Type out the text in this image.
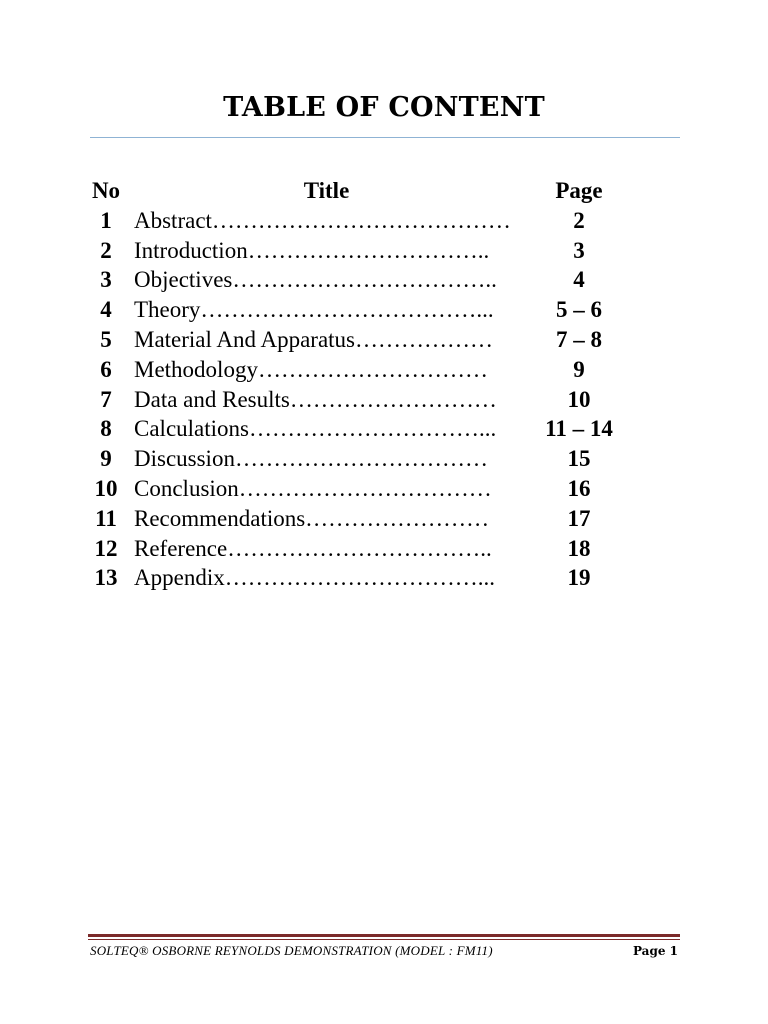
TABLE OF CONTENT
No	Title	Page
1 Abstract…………………………………	2
2 Introduction…………………………..	3
3 Objectives……………………………..	4
4 Theory………………………………...	5 – 6
5 Material And Apparatus………………	7 – 8
6 Methodology…………………………	9
7 Data and Results………………………	10
8 Calculations…………………………...	11 – 14
9 Discussion……………………………	15
10 Conclusion……………………………	16
11 Recommendations……………………	17
12 Reference……………………………..	18
13 Appendix……………………………...	19
SOLTEQ® OSBORNE REYNOLDS DEMONSTRATION (MODEL : FM11)	Page 1
